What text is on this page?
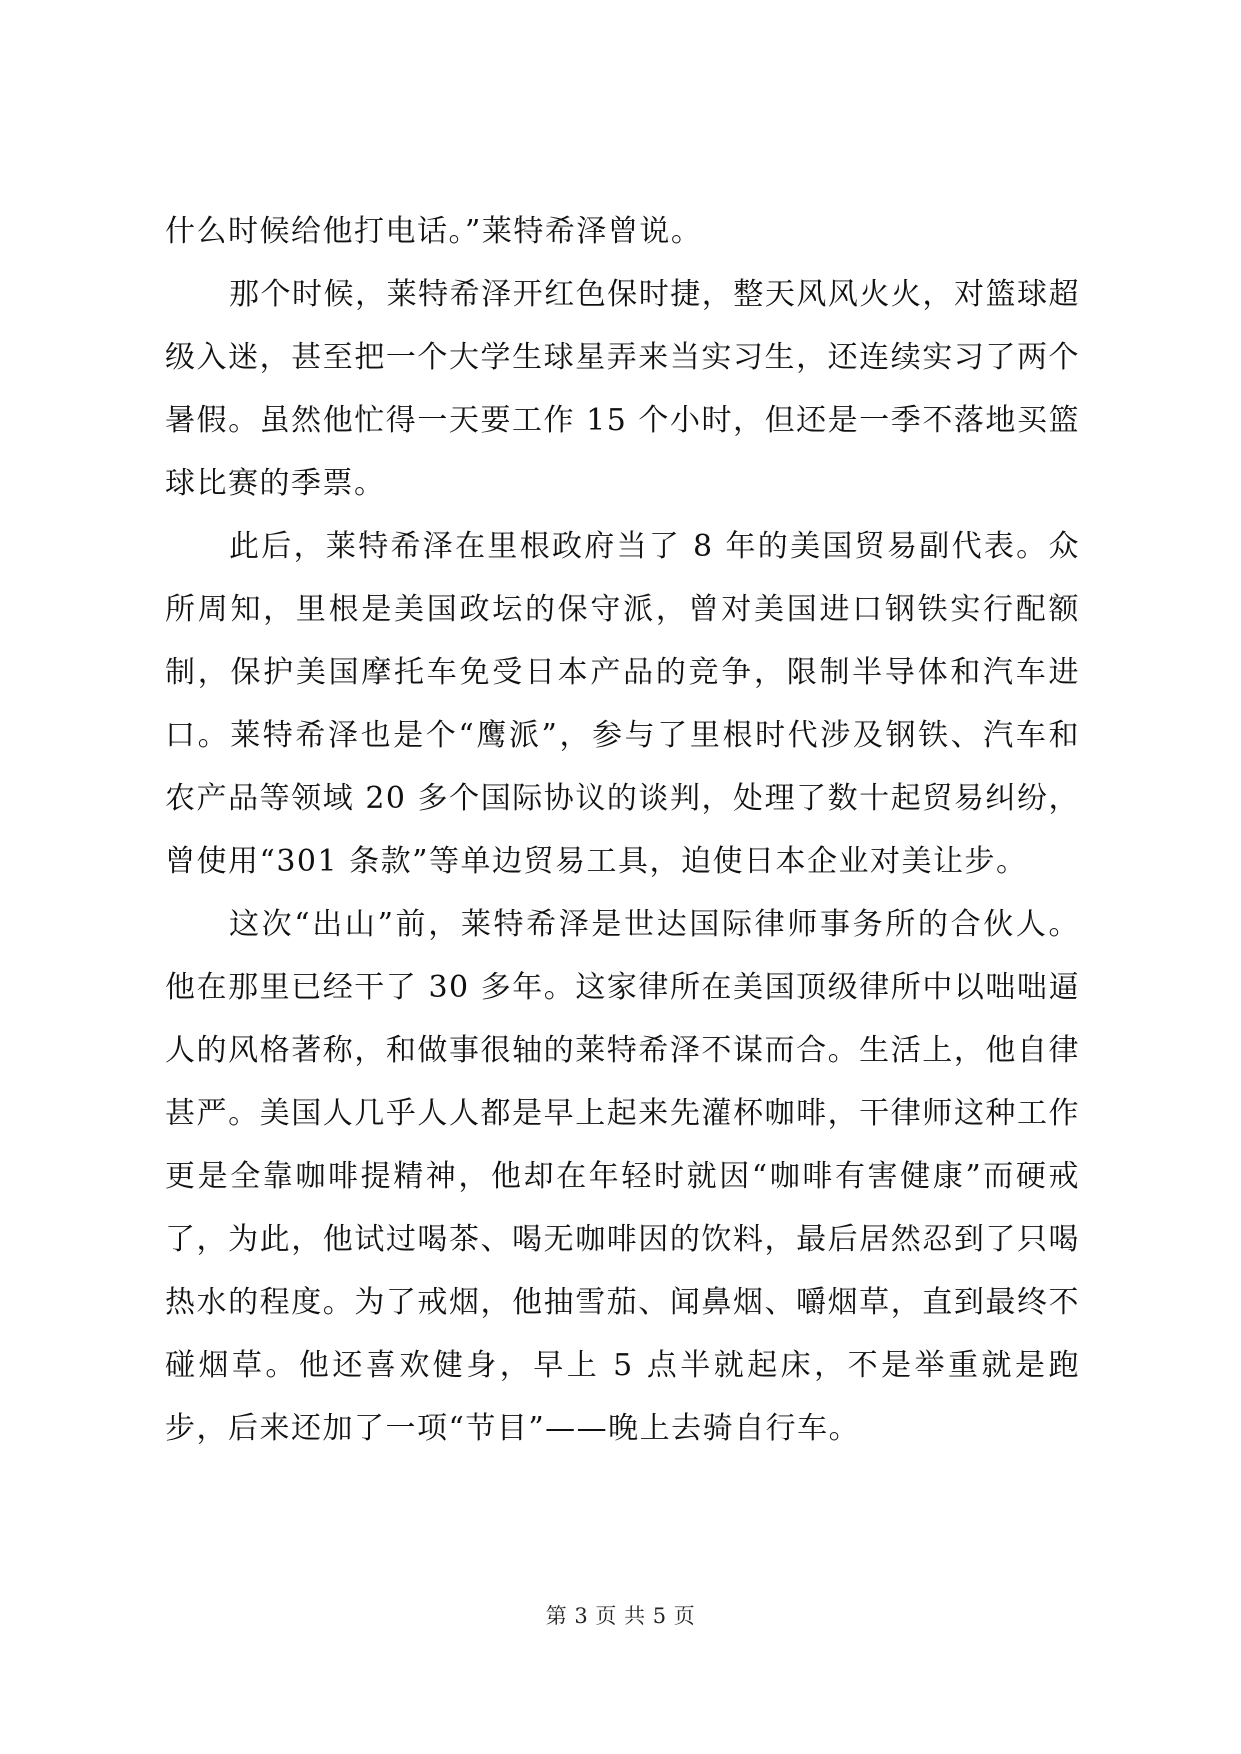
什么时候给他打电话。”莱特希泽曾说。

那个时候，莱特希泽开红色保时捷，整天风风火火，对篮球超级入迷，甚至把一个大学生球星弄来当实习生，还连续实习了两个暑假。虽然他忙得一天要工作 15 个小时，但还是一季不落地买篮球比赛的季票。

此后，莱特希泽在里根政府当了 8 年的美国贸易副代表。众所周知，里根是美国政坛的保守派，曾对美国进口钢铁实行配额制，保护美国摩托车免受日本产品的竞争，限制半导体和汽车进口。莱特希泽也是个“鹰派”，参与了里根时代涉及钢铁、汽车和农产品等领域 20 多个国际协议的谈判，处理了数十起贸易纠纷，曾使用“301 条款”等单边贸易工具，迫使日本企业对美让步。

这次“出山”前，莱特希泽是世达国际律师事务所的合伙人。他在那里已经干了 30 多年。这家律所在美国顶级律所中以咄咄逼人的风格著称，和做事很轴的莱特希泽不谋而合。生活上，他自律甚严。美国人几乎人人都是早上起来先灌杯咖啡，干律师这种工作更是全靠咖啡提精神，他却在年轻时就因“咖啡有害健康”而硬戒了，为此，他试过喝茶、喝无咖啡因的饮料，最后居然忍到了只喝热水的程度。为了戒烟，他抽雪茄、闻鼻烟、嚼烟草，直到最终不碰烟草。他还喜欢健身，早上 5 点半就起床，不是举重就是跑步，后来还加了一项“节目”——晚上去骑自行车。

第 3 页 共 5 页
